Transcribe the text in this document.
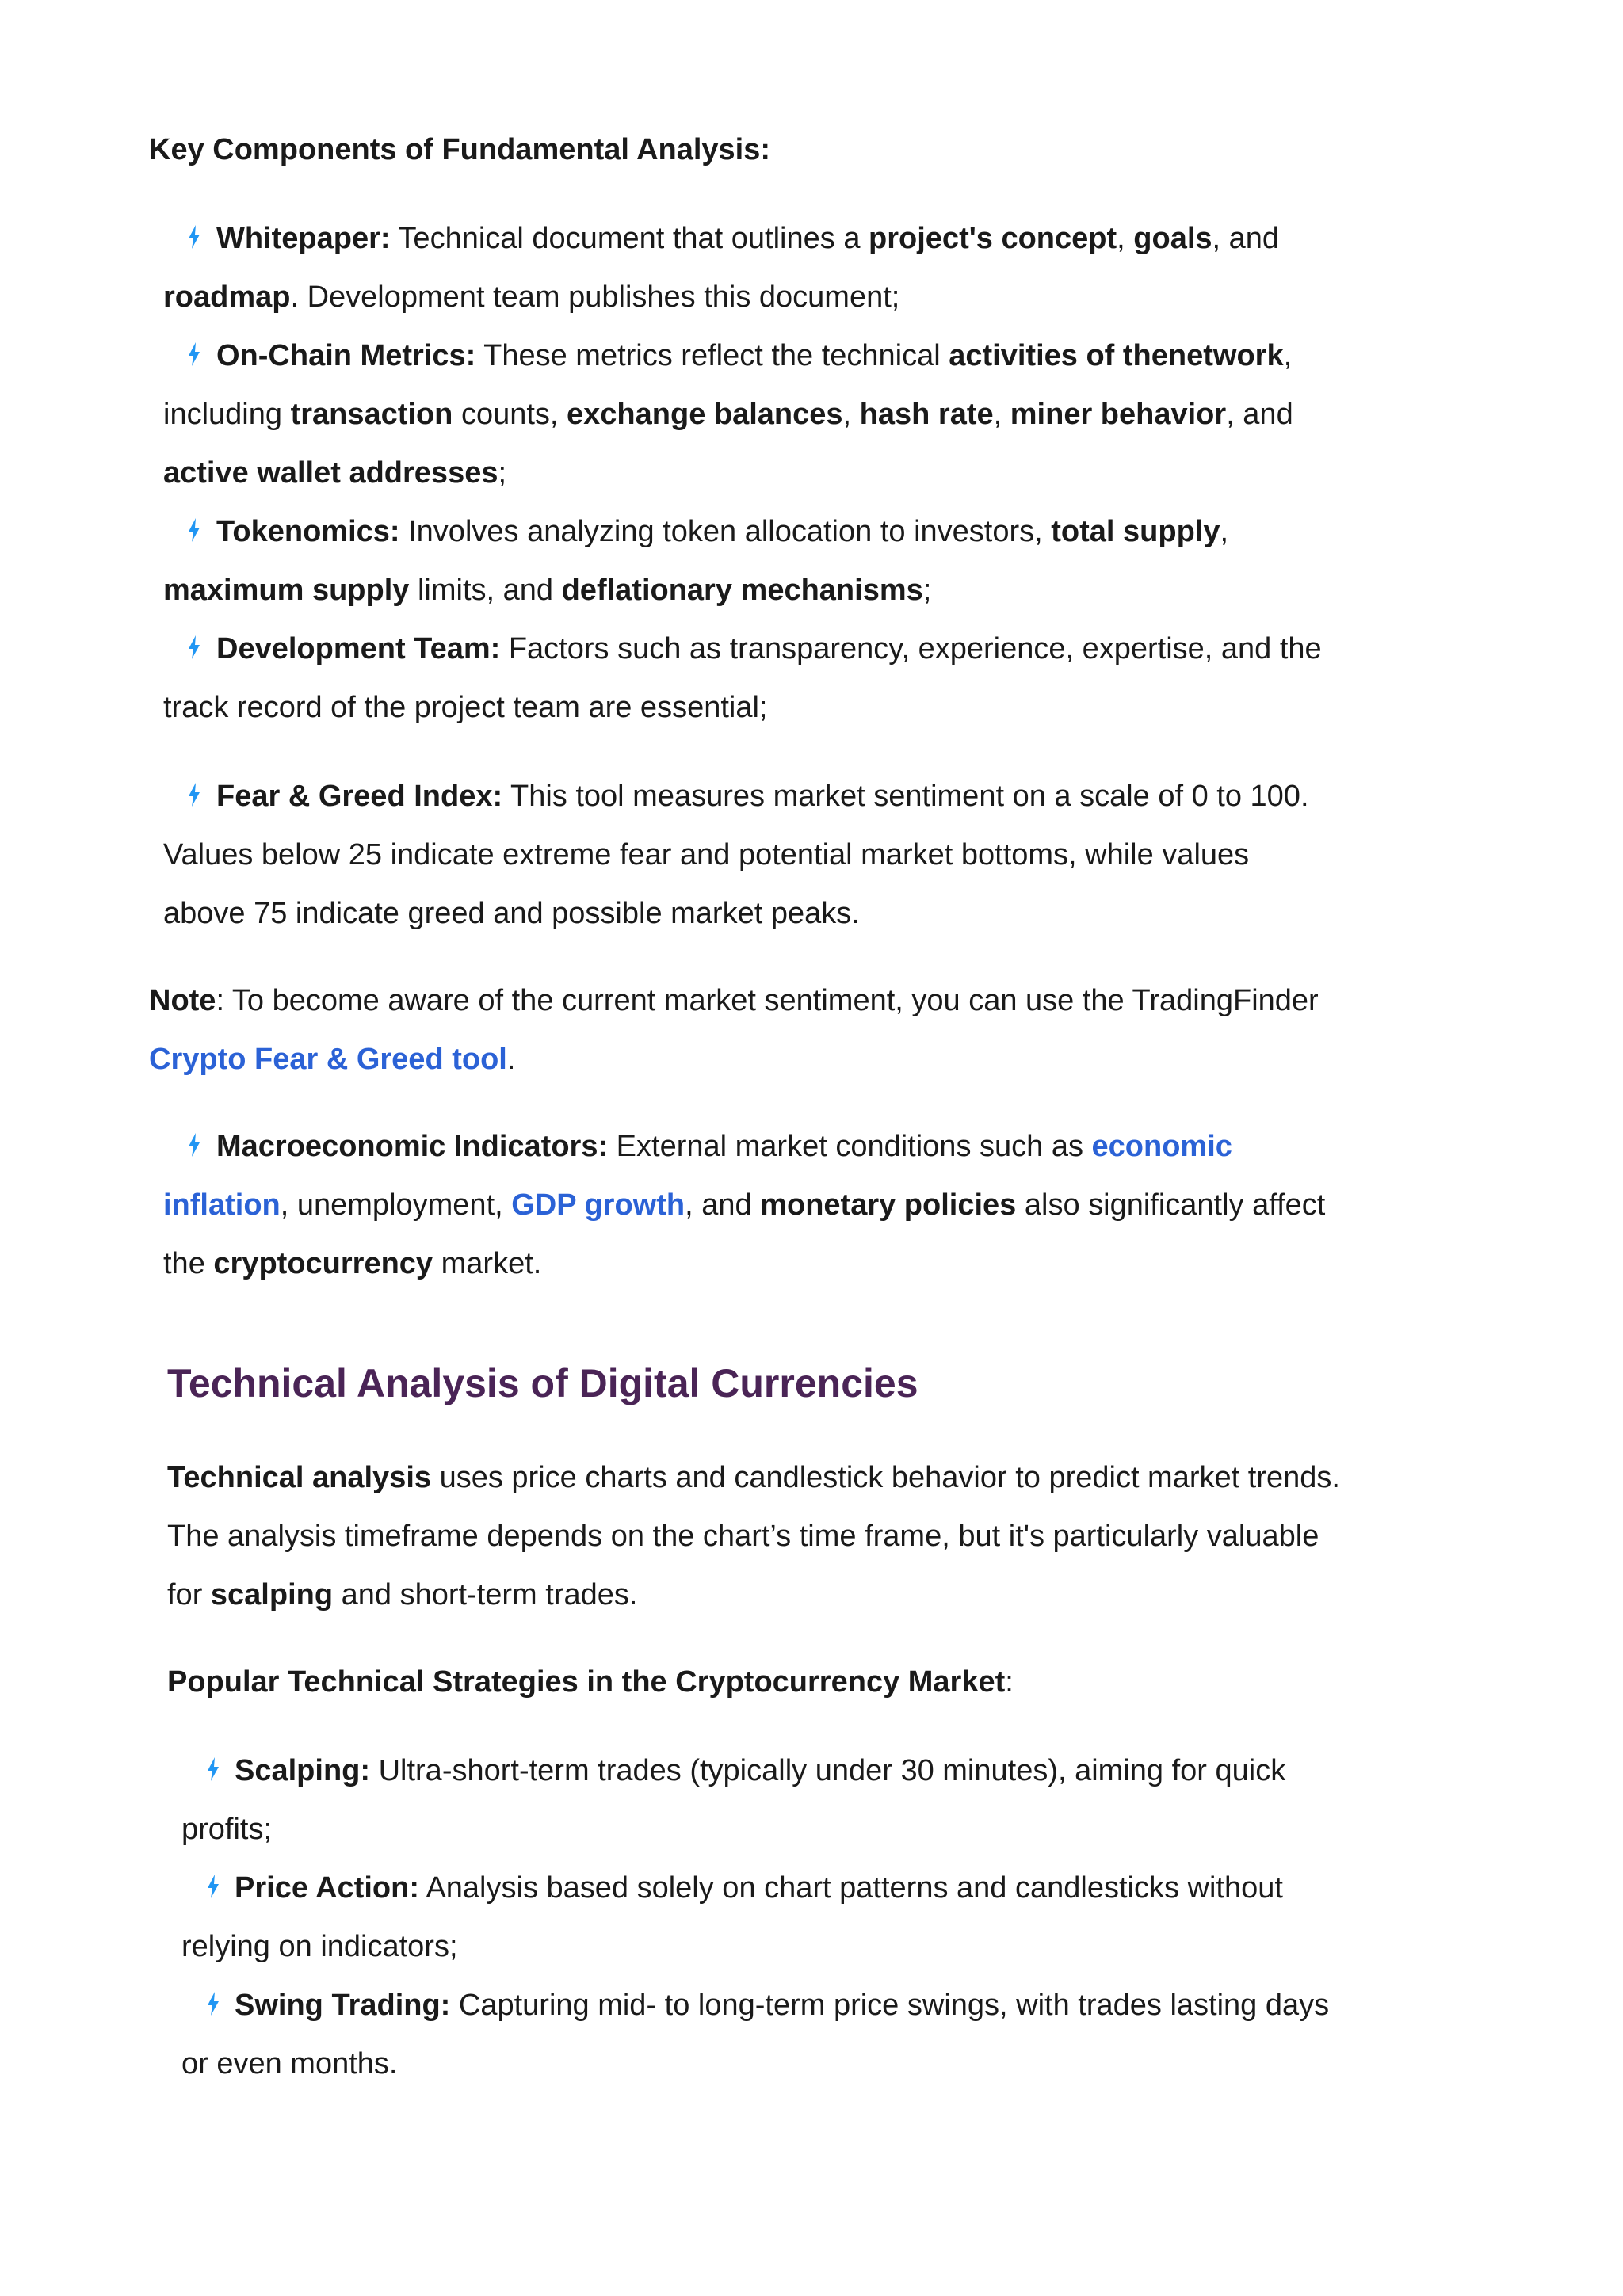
Key Components of Fundamental Analysis:
Whitepaper: Technical document that outlines a project's concept, goals, and
roadmap. Development team publishes this document;
On-Chain Metrics: These metrics reflect the technical activities of thenetwork,
including transaction counts, exchange balances, hash rate, miner behavior, and
active wallet addresses;
Tokenomics: Involves analyzing token allocation to investors, total supply,
maximum supply limits, and deflationary mechanisms;
Development Team: Factors such as transparency, experience, expertise, and the
track record of the project team are essential;
Fear & Greed Index: This tool measures market sentiment on a scale of 0 to 100.
Values below 25 indicate extreme fear and potential market bottoms, while values
above 75 indicate greed and possible market peaks.
Note: To become aware of the current market sentiment, you can use the TradingFinder
Crypto Fear & Greed tool.
Macroeconomic Indicators: External market conditions such as economic
inflation, unemployment, GDP growth, and monetary policies also significantly affect
the cryptocurrency market.
Technical Analysis of Digital Currencies
Technical analysis uses price charts and candlestick behavior to predict market trends.
The analysis timeframe depends on the chart’s time frame, but it's particularly valuable
for scalping and short-term trades.
Popular Technical Strategies in the Cryptocurrency Market:
Scalping: Ultra-short-term trades (typically under 30 minutes), aiming for quick
profits;
Price Action: Analysis based solely on chart patterns and candlesticks without
relying on indicators;
Swing Trading: Capturing mid- to long-term price swings, with trades lasting days
or even months.
